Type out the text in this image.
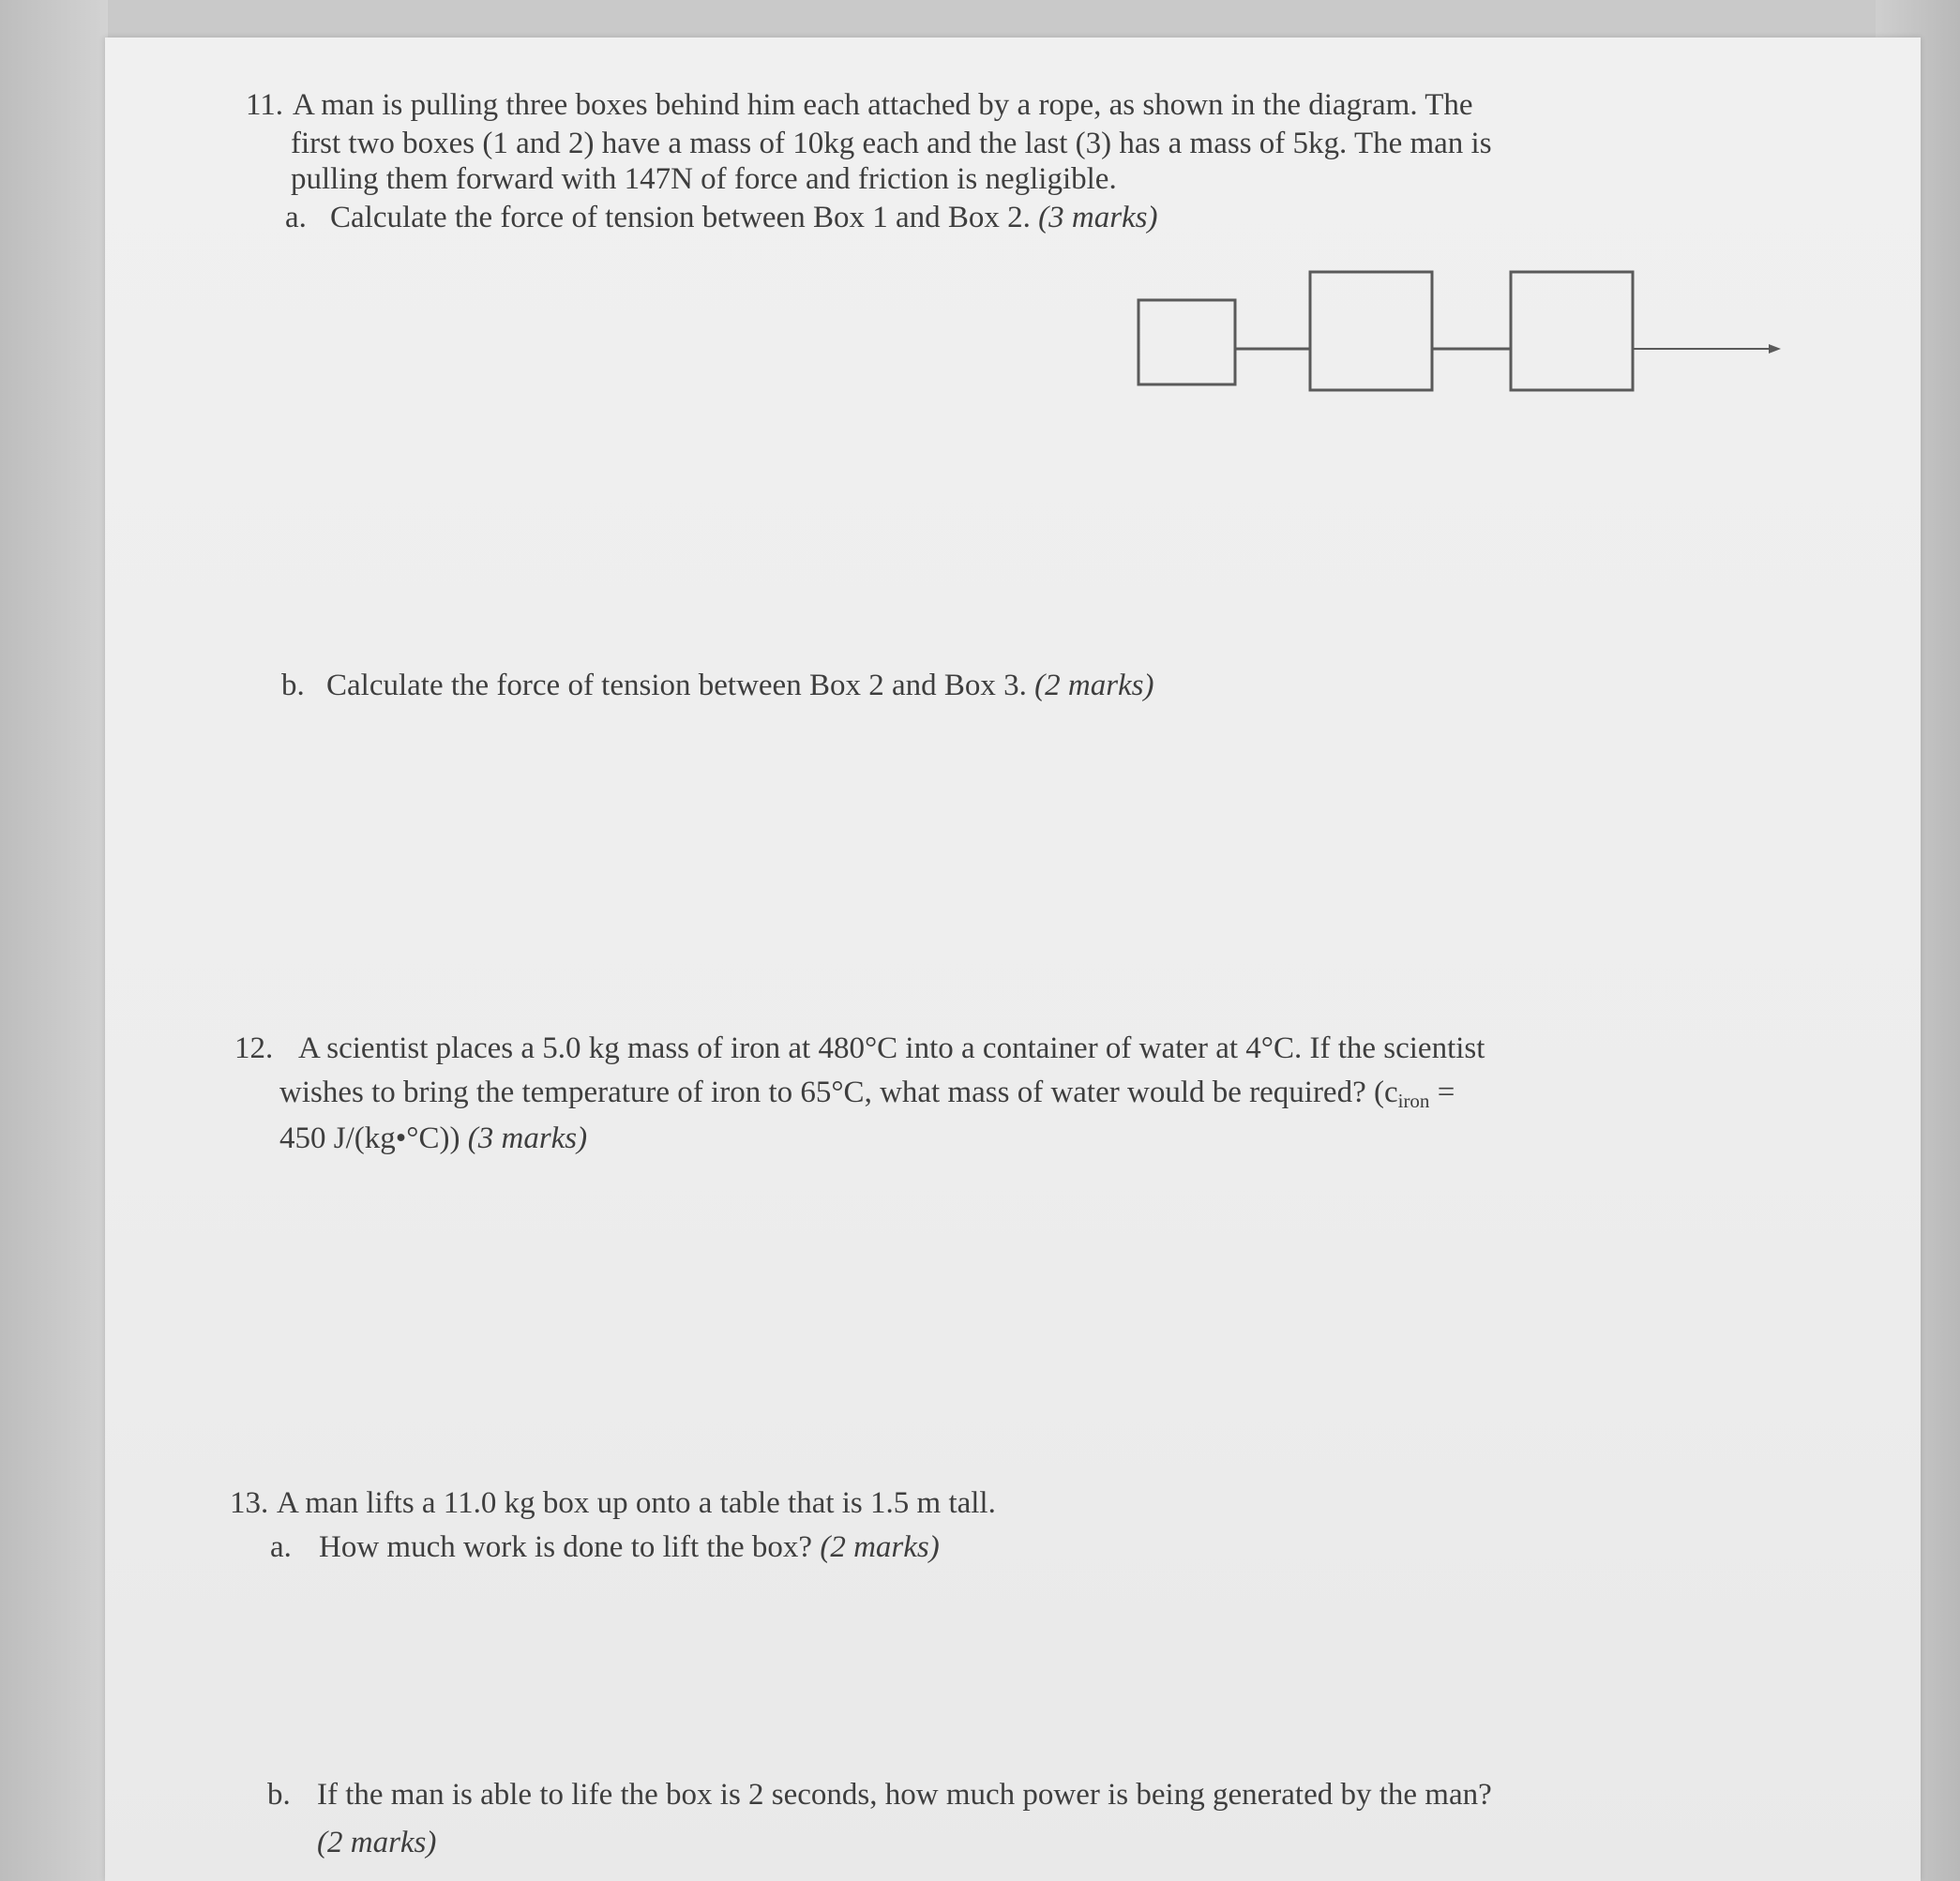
11. A man is pulling three boxes behind him each attached by a rope, as shown in the diagram. The
first two boxes (1 and 2) have a mass of 10kg each and the last (3) has a mass of 5kg. The man is
pulling them forward with 147N of force and friction is negligible.
a. Calculate the force of tension between Box 1 and Box 2. (3 marks)
b. Calculate the force of tension between Box 2 and Box 3. (2 marks)
12. A scientist places a 5.0 kg mass of iron at 480°C into a container of water at 4°C. If the scientist
wishes to bring the temperature of iron to 65°C, what mass of water would be required? ($c_{iron}$ =
450 J/(kg•°C)) (3 marks)
13. A man lifts a 11.0 kg box up onto a table that is 1.5 m tall.
a. How much work is done to lift the box? (2 marks)
b. If the man is able to life the box is 2 seconds, how much power is being generated by the man?
(2 marks)
